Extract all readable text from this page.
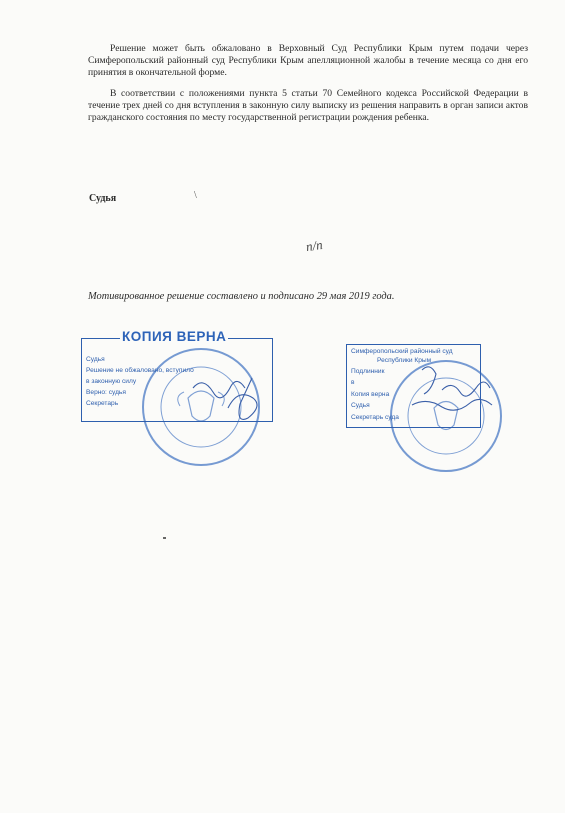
Решение может быть обжаловано в Верховный Суд Республики Крым путем подачи через Симферопольский районный суд Республики Крым апелляционной жалобы в течение месяца со дня его принятия в окончательной форме.
В соответствии с положениями пункта 5 статьи 70 Семейного кодекса Российской Федерации в течение трех дней со дня вступления в законную силу выписку из решения направить в орган записи актов гражданского состояния по месту государственной регистрации рождения ребенка.
Судья	\
п/п
Мотивированное решение составлено и подписано 29 мая 2019 года.
КОПИЯ ВЕРНА
Судья
Решение не обжаловано, вступило
в законную силу
Верно: судья
Секретарь
Симферопольский районный суд
Республики Крым
Подлинник
в
Копия верна
Судья
Секретарь суда
